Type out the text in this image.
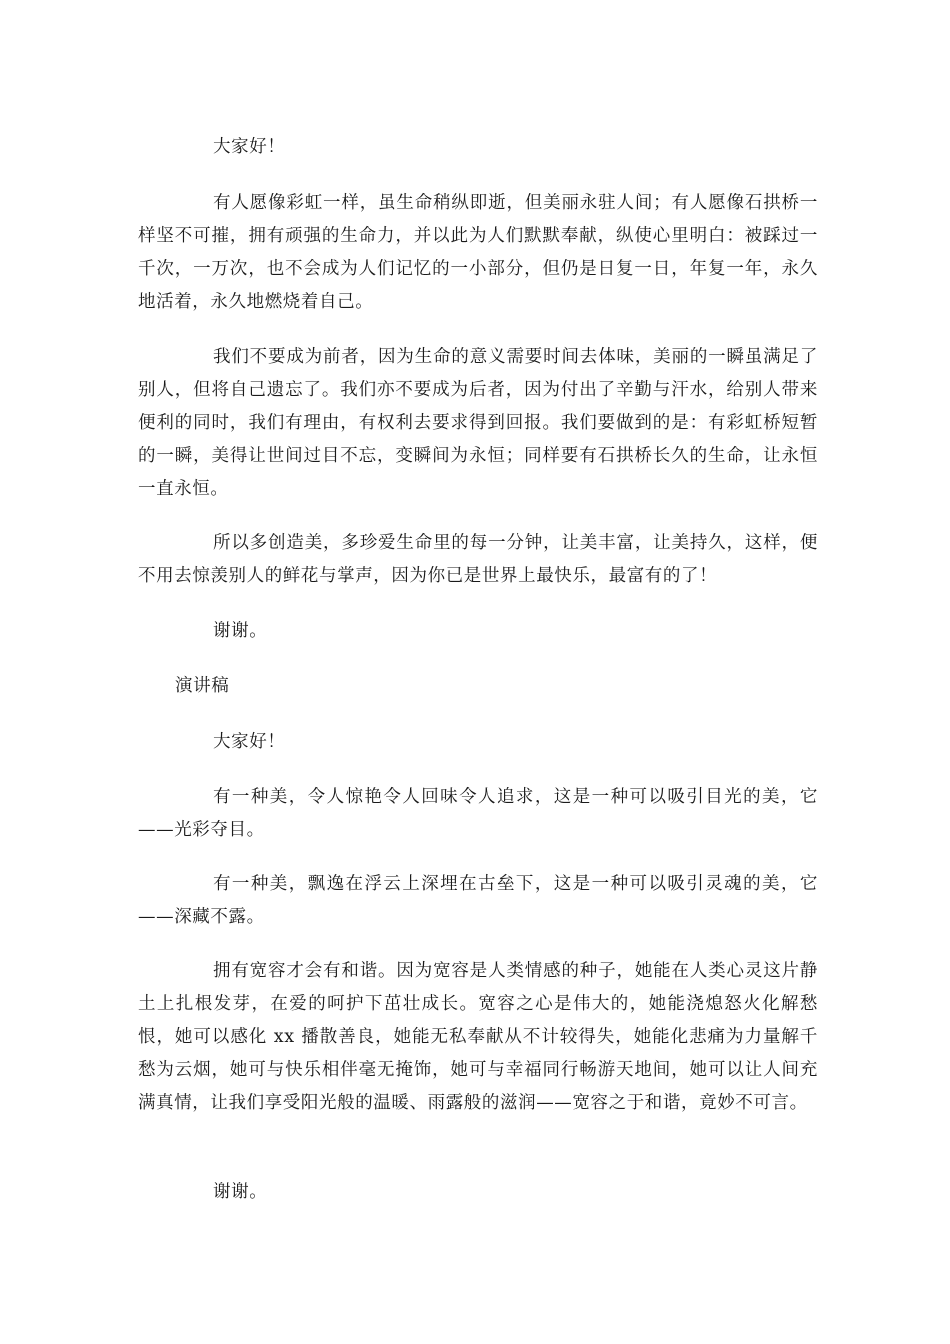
大家好！

有人愿像彩虹一样，虽生命稍纵即逝，但美丽永驻人间；有人愿像石拱桥一样坚不可摧，拥有顽强的生命力，并以此为人们默默奉献，纵使心里明白：被踩过一千次，一万次，也不会成为人们记忆的一小部分，但仍是日复一日，年复一年，永久地活着，永久地燃烧着自己。

我们不要成为前者，因为生命的意义需要时间去体味，美丽的一瞬虽满足了别人，但将自己遗忘了。我们亦不要成为后者，因为付出了辛勤与汗水，给别人带来便利的同时，我们有理由，有权利去要求得到回报。我们要做到的是：有彩虹桥短暂的一瞬，美得让世间过目不忘，变瞬间为永恒；同样要有石拱桥长久的生命，让永恒一直永恒。

所以多创造美，多珍爱生命里的每一分钟，让美丰富，让美持久，这样，便不用去惊羡别人的鲜花与掌声，因为你已是世界上最快乐，最富有的了！

谢谢。

演讲稿

大家好！

有一种美，令人惊艳令人回味令人追求，这是一种可以吸引目光的美，它——光彩夺目。

有一种美，飘逸在浮云上深埋在古垒下，这是一种可以吸引灵魂的美，它——深藏不露。

拥有宽容才会有和谐。因为宽容是人类情感的种子，她能在人类心灵这片静土上扎根发芽，在爱的呵护下茁壮成长。宽容之心是伟大的，她能浇熄怒火化解愁恨，她可以感化 xx 播散善良，她能无私奉献从不计较得失，她能化悲痛为力量解千愁为云烟，她可与快乐相伴毫无掩饰，她可与幸福同行畅游天地间，她可以让人间充满真情，让我们享受阳光般的温暖、雨露般的滋润——宽容之于和谐，竟妙不可言。

谢谢。
